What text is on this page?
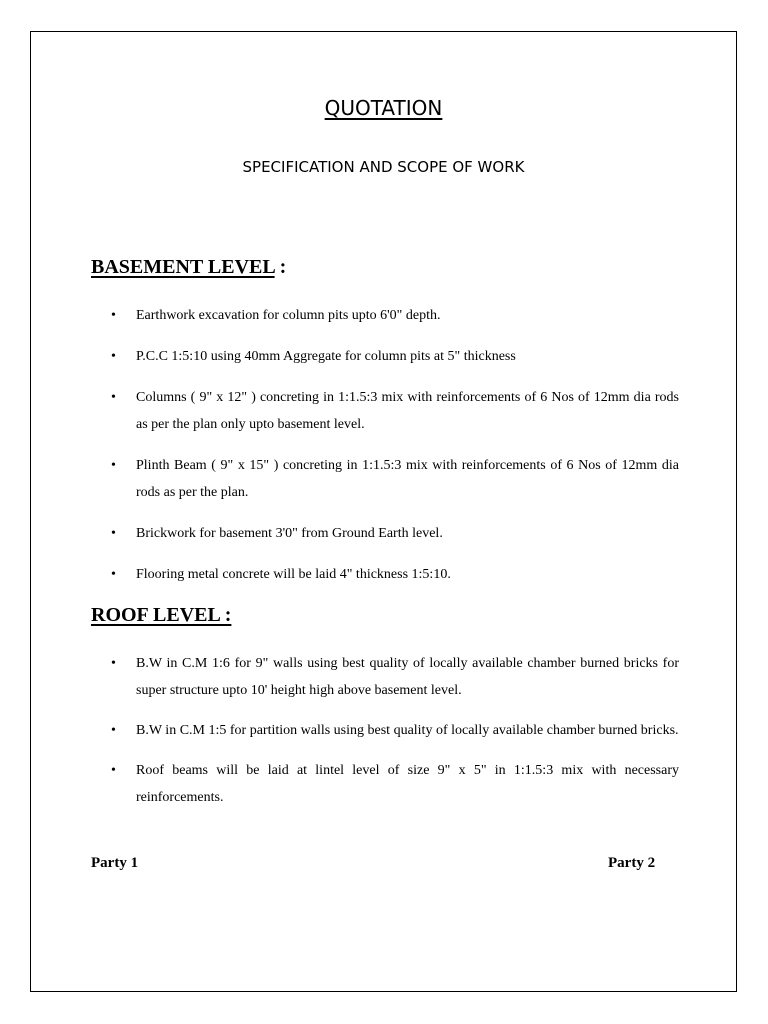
QUOTATION
SPECIFICATION AND SCOPE OF WORK
BASEMENT LEVEL :
• Earthwork excavation for column pits upto 6'0" depth.
• P.C.C 1:5:10 using 40mm Aggregate for column pits at 5" thickness
• Columns ( 9" x 12" ) concreting in 1:1.5:3 mix with reinforcements of 6 Nos of 12mm dia rods as per the plan only upto basement level.
• Plinth Beam ( 9" x 15" ) concreting in 1:1.5:3 mix with reinforcements of 6 Nos of 12mm dia rods as per the plan.
• Brickwork for basement 3'0" from Ground Earth level.
• Flooring metal concrete will be laid 4" thickness 1:5:10.
ROOF LEVEL :
• B.W in C.M 1:6 for 9" walls using best quality of locally available chamber burned bricks for super structure upto 10' height high above basement level.
• B.W in C.M 1:5 for partition walls using best quality of locally available chamber burned bricks.
• Roof beams will be laid at lintel level of size 9" x 5" in 1:1.5:3 mix with necessary reinforcements.
Party 1	Party 2
